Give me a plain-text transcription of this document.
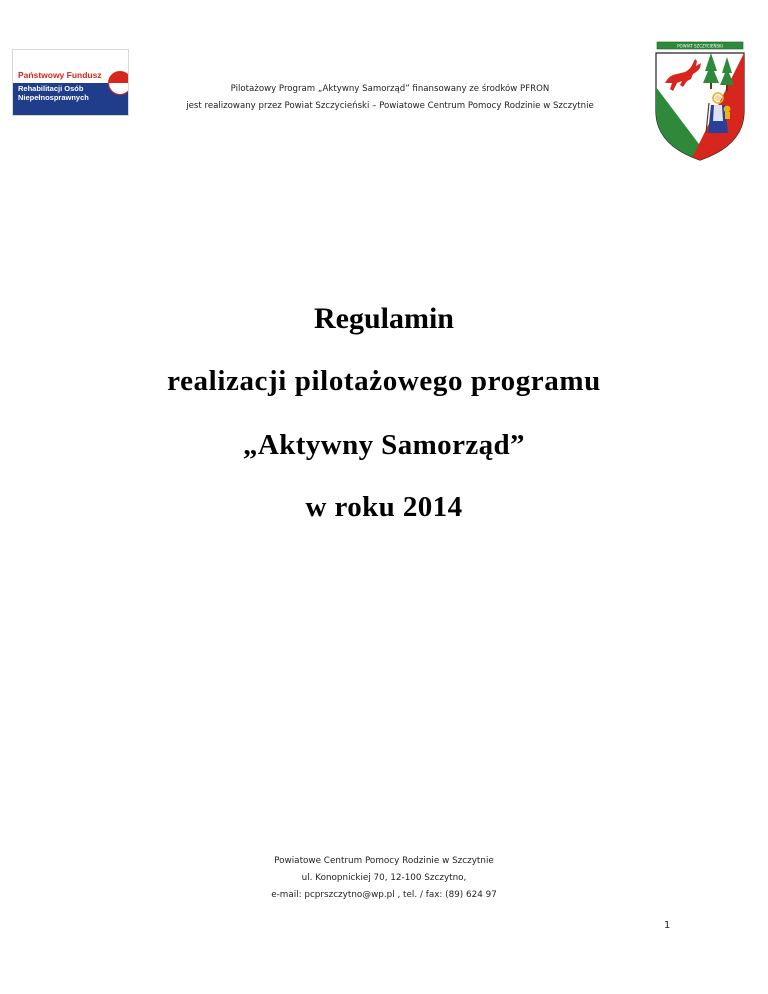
Państwowy Fundusz
Rehabilitacji Osób
Niepełnosprawnych
Pilotażowy Program „Aktywny Samorząd” finansowany ze środków PFRON
jest realizowany przez Powiat Szczycieński – Powiatowe Centrum Pomocy Rodzinie w Szczytnie
POWIAT SZCZYCIEŃSKI
Regulamin
realizacji pilotażowego programu
„Aktywny Samorząd”
w roku 2014
Powiatowe Centrum Pomocy Rodzinie w Szczytnie
ul. Konopnickiej 70, 12-100 Szczytno,
e-mail: pcprszczytno@wp.pl , tel. / fax: (89) 624 97
1
